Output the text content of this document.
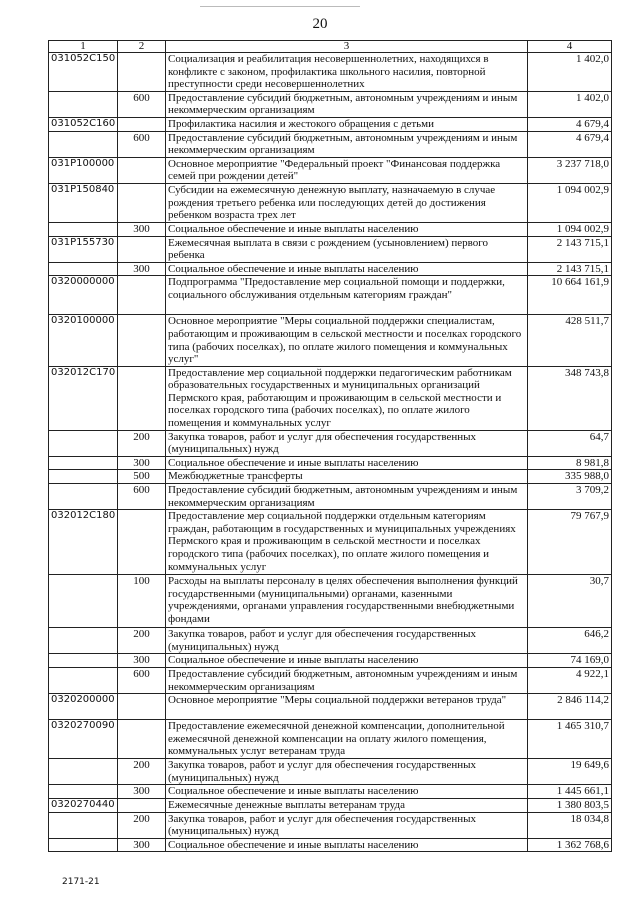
20
1	2	3	4
031052С150		Социализация и реабилитация несовершеннолетних, находящихся в конфликте с законом, профилактика школьного насилия, повторной преступности среди несовершеннолетних	1 402,0
	600	Предоставление субсидий бюджетным, автономным учреждениям и иным некоммерческим организациям	1 402,0
031052С160		Профилактика насилия и жестокого обращения с детьми	4 679,4
	600	Предоставление субсидий бюджетным, автономным учреждениям и иным некоммерческим организациям	4 679,4
031P100000		Основное мероприятие "Федеральный проект "Финансовая поддержка семей при рождении детей"	3 237 718,0
031P150840		Субсидии на ежемесячную денежную выплату, назначаемую в случае рождения третьего ребенка или последующих детей до достижения ребенком возраста трех лет	1 094 002,9
	300	Социальное обеспечение и иные выплаты населению	1 094 002,9
031P155730		Ежемесячная выплата в связи с рождением (усыновлением) первого ребенка	2 143 715,1
	300	Социальное обеспечение и иные выплаты населению	2 143 715,1
0320000000		Подпрограмма "Предоставление мер социальной помощи и поддержки, социального обслуживания отдельным категориям граждан"	10 664 161,9
0320100000		Основное мероприятие "Меры социальной поддержки специалистам, работающим и проживающим в сельской местности и поселках городского типа (рабочих поселках), по оплате жилого помещения и коммунальных услуг"	428 511,7
032012С170		Предоставление мер социальной поддержки педагогическим работникам образовательных государственных и муниципальных организаций Пермского края, работающим и проживающим в сельской местности и поселках городского типа (рабочих поселках), по оплате жилого помещения и коммунальных услуг	348 743,8
	200	Закупка товаров, работ и услуг для обеспечения государственных (муниципальных) нужд	64,7
	300	Социальное обеспечение и иные выплаты населению	8 981,8
	500	Межбюджетные трансферты	335 988,0
	600	Предоставление субсидий бюджетным, автономным учреждениям и иным некоммерческим организациям	3 709,2
032012С180		Предоставление мер социальной поддержки отдельным категориям граждан, работающим в государственных и муниципальных учреждениях Пермского края и проживающим в сельской местности и поселках городского типа (рабочих поселках), по оплате жилого помещения и коммунальных услуг	79 767,9
	100	Расходы на выплаты персоналу в целях обеспечения выполнения функций государственными (муниципальными) органами, казенными учреждениями, органами управления государственными внебюджетными фондами	30,7
	200	Закупка товаров, работ и услуг для обеспечения государственных (муниципальных) нужд	646,2
	300	Социальное обеспечение и иные выплаты населению	74 169,0
	600	Предоставление субсидий бюджетным, автономным учреждениям и иным некоммерческим организациям	4 922,1
0320200000		Основное мероприятие "Меры социальной поддержки ветеранов труда"	2 846 114,2
0320270090		Предоставление ежемесячной денежной компенсации, дополнительной ежемесячной денежной компенсации на оплату жилого помещения, коммунальных услуг ветеранам труда	1 465 310,7
	200	Закупка товаров, работ и услуг для обеспечения государственных (муниципальных) нужд	19 649,6
	300	Социальное обеспечение и иные выплаты населению	1 445 661,1
0320270440		Ежемесячные денежные выплаты ветеранам труда	1 380 803,5
	200	Закупка товаров, работ и услуг для обеспечения государственных (муниципальных) нужд	18 034,8
	300	Социальное обеспечение и иные выплаты населению	1 362 768,6
2171-21
